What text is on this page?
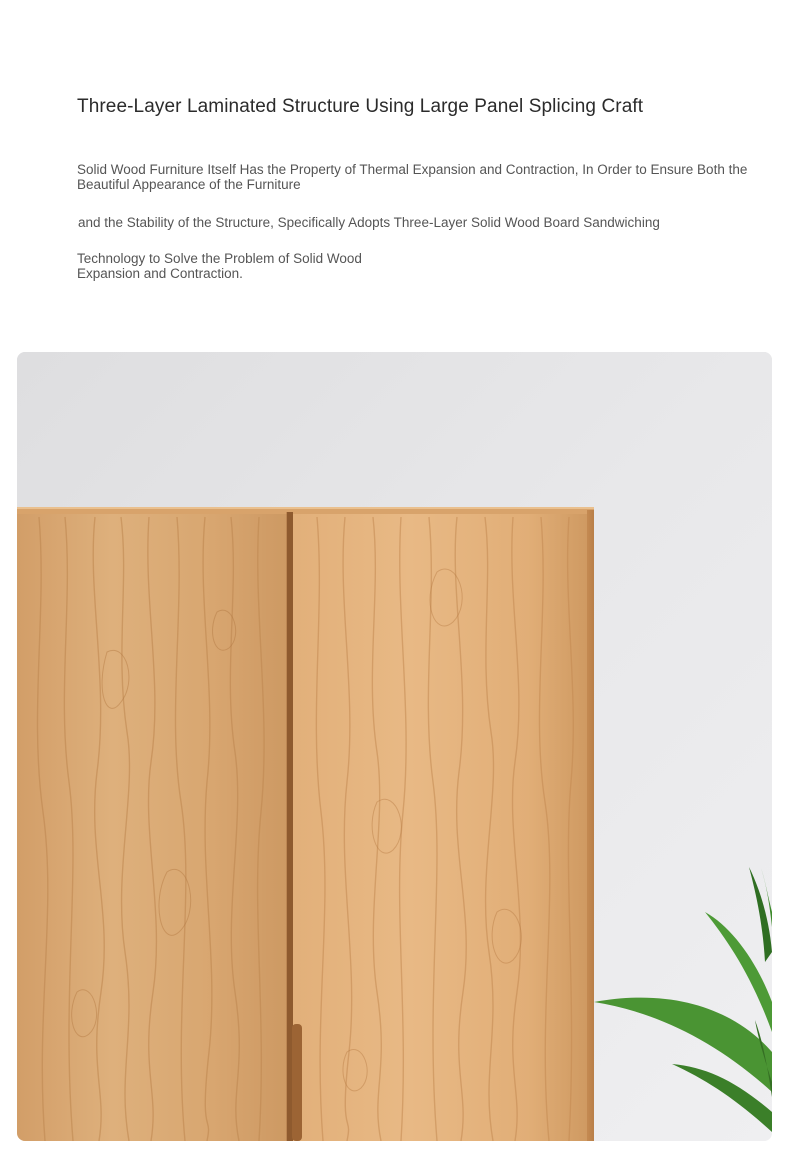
Three-Layer Laminated Structure Using Large Panel Splicing Craft

Solid Wood Furniture Itself Has the Property of Thermal Expansion and Contraction, In Order to Ensure Both the Beautiful Appearance of the Furniture

and the Stability of the Structure, Specifically Adopts Three-Layer Solid Wood Board Sandwiching

Technology to Solve the Problem of Solid Wood Expansion and Contraction.
